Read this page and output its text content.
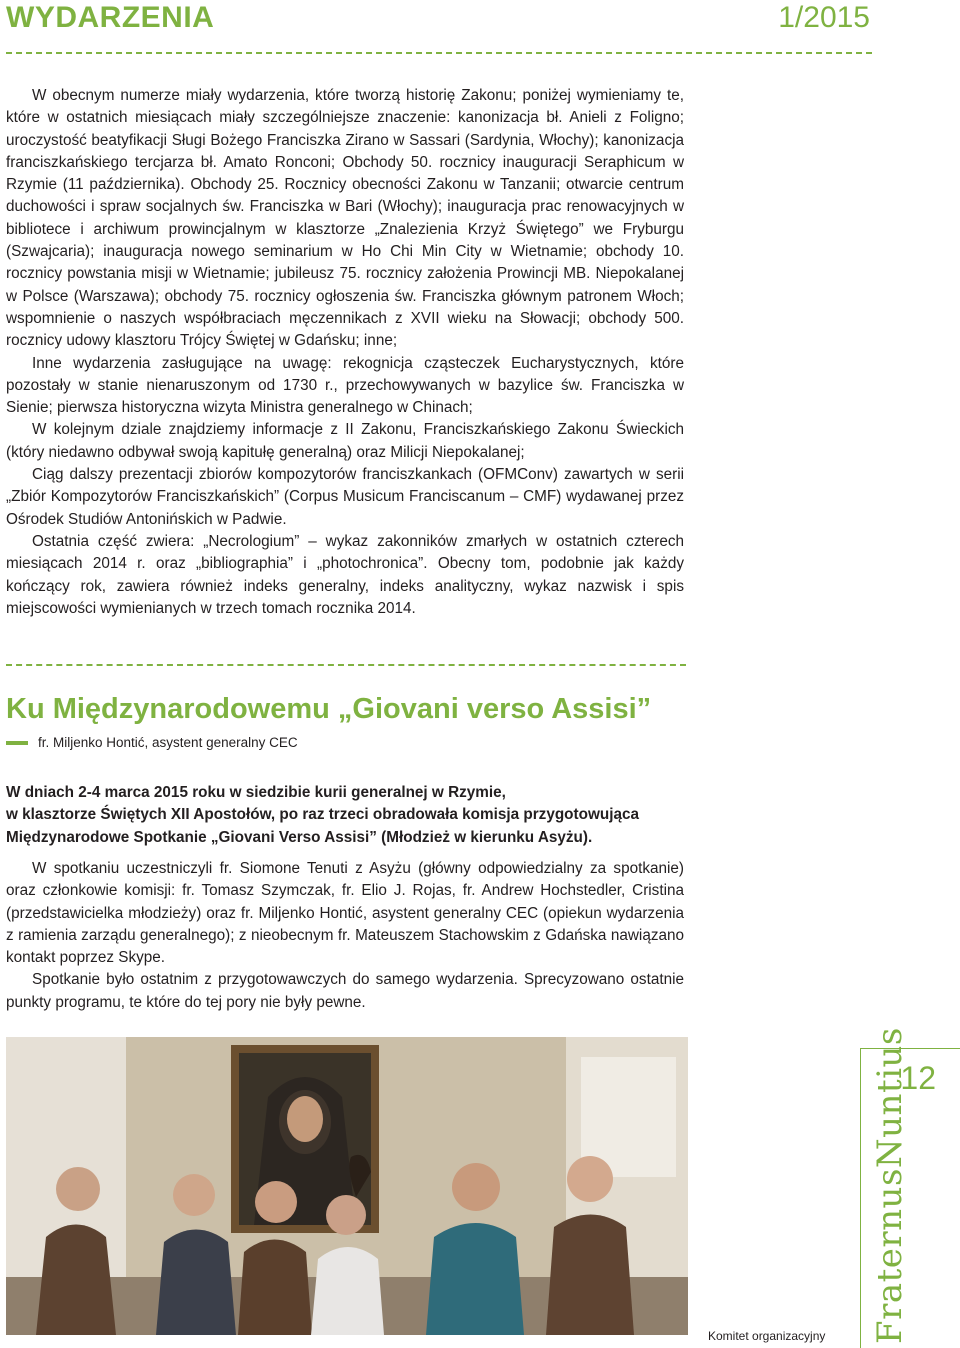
WYDARZENIA	1/2015

W obecnym numerze miały wydarzenia, które tworzą historię Zakonu; poniżej wymieniamy te, które w ostatnich miesiącach miały szczególniejsze znaczenie: kanonizacja bł. Anieli z Foligno; uroczystość beatyfikacji Sługi Bożego Franciszka Zirano w Sassari (Sardynia, Włochy); kanonizacja franciszkańskiego tercjarza bł. Amato Ronconi; Obchody 50. rocznicy inauguracji Seraphicum w Rzymie (11 października). Obchody 25. Rocznicy obecności Zakonu w Tanzanii; otwarcie centrum duchowości i spraw socjalnych św. Franciszka w Bari (Włochy); inauguracja prac renowacyjnych w bibliotece i archiwum prowincjalnym w klasztorze „Znalezienia Krzyż Świętego” we Fryburgu (Szwajcaria); inauguracja nowego seminarium w Ho Chi Min City w Wietnamie; obchody 10. rocznicy powstania misji w Wietnamie; jubileusz 75. rocznicy założenia Prowincji MB. Niepokalanej w Polsce (Warszawa); obchody 75. rocznicy ogłoszenia św. Franciszka głównym patronem Włoch; wspomnienie o naszych współbraciach męczennikach z XVII wieku na Słowacji; obchody 500. rocznicy udowy klasztoru Trójcy Świętej w Gdańsku; inne;

Inne wydarzenia zasługujące na uwagę: rekognicja cząsteczek Eucharystycznych, które pozostały w stanie nienaruszonym od 1730 r., przechowywanych w bazylice św. Franciszka w Sienie; pierwsza historyczna wizyta Ministra generalnego w Chinach;

W kolejnym dziale znajdziemy informacje z II Zakonu, Franciszkańskiego Zakonu Świeckich (który niedawno odbywał swoją kapitułę generalną) oraz Milicji Niepokalanej;

Ciąg dalszy prezentacji zbiorów kompozytorów franciszkankach (OFMConv) zawartych w serii „Zbiór Kompozytorów Franciszkańskich” (Corpus Musicum Franciscanum – CMF) wydawanej przez Ośrodek Studiów Antonińskich w Padwie.

Ostatnia część zwiera: „Necrologium” – wykaz zakonników zmarłych w ostatnich czterech miesiącach 2014 r. oraz „bibliographia” i „photochronica”. Obecny tom, podobnie jak każdy kończący rok, zawiera również indeks generalny, indeks analityczny, wykaz nazwisk i spis miejscowości wymienianych w trzech tomach rocznika 2014.

Ku Międzynarodowemu „Giovani verso Assisi”
fr. Miljenko Hontić, asystent generalny CEC
W dniach 2-4 marca 2015 roku w siedzibie kurii generalnej w Rzymie,
w klasztorze Świętych XII Apostołów, po raz trzeci obradowała komisja przygotowująca
Międzynarodowe Spotkanie „Giovani Verso Assisi” (Młodzież w kierunku Asyżu).

W spotkaniu uczestniczyli fr. Siomone Tenuti z Asyżu (główny odpowiedzialny za spotkanie) oraz członkowie komisji: fr. Tomasz Szymczak, fr. Elio J. Rojas, fr. Andrew Hochstedler, Cristina (przedstawicielka młodzieży) oraz fr. Miljenko Hontić, asystent generalny CEC (opiekun wydarzenia z ramienia zarządu generalnego); z nieobecnym fr. Mateuszem Stachowskim z Gdańska nawiązano kontakt poprzez Skype.

Spotkanie było ostatnim z przygotowawczych do samego wydarzenia. Sprecyzowano ostatnie punkty programu, te które do tej pory nie były pewne.

Komitet organizacyjny
12
FraternusNuntius
